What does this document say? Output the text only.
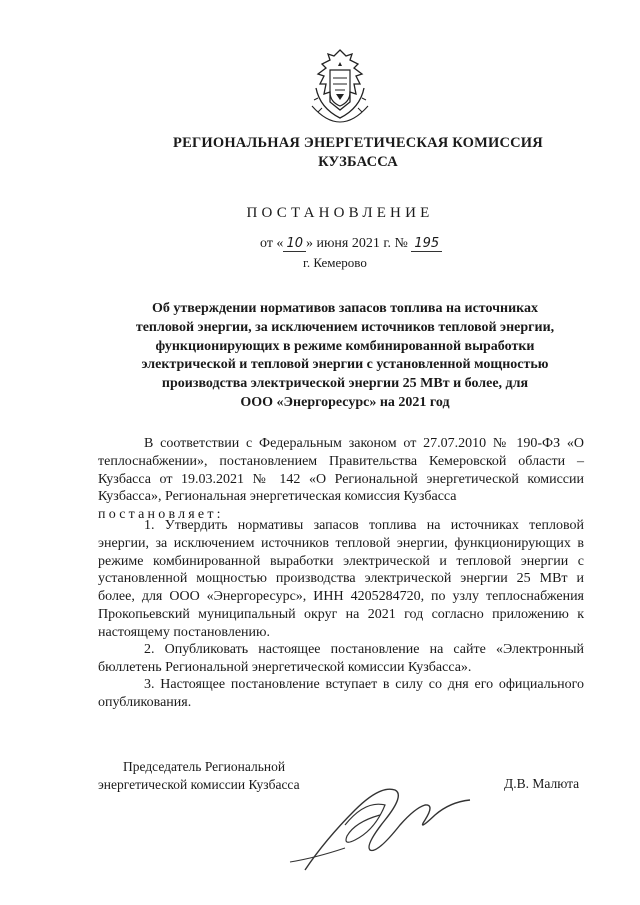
РЕГИОНАЛЬНАЯ ЭНЕРГЕТИЧЕСКАЯ КОМИССИЯ
КУЗБАССА
ПОСТАНОВЛЕНИЕ
от « 10 » июня 2021 г. № 195
г. Кемерово
Об утверждении нормативов запасов топлива на источниках
тепловой энергии, за исключением источников тепловой энергии,
функционирующих в режиме комбинированной выработки
электрической и тепловой энергии с установленной мощностью
производства электрической энергии 25 МВт и более, для
ООО «Энергоресурс» на 2021 год

В соответствии с Федеральным законом от 27.07.2010 № 190-ФЗ «О теплоснабжении», постановлением Правительства Кемеровской области – Кузбасса от 19.03.2021 № 142 «О Региональной энергетической комиссии Кузбасса», Региональная энергетическая комиссия Кузбасса

постановляет:

1. Утвердить нормативы запасов топлива на источниках тепловой энергии, за исключением источников тепловой энергии, функционирующих в режиме комбинированной выработки электрической и тепловой энергии с установленной мощностью производства электрической энергии 25 МВт и более, для ООО «Энергоресурс», ИНН 4205284720, по узлу теплоснабжения Прокопьевский муниципальный округ на 2021 год согласно приложению к настоящему постановлению.

2. Опубликовать настоящее постановление на сайте «Электронный бюллетень Региональной энергетической комиссии Кузбасса».

3. Настоящее постановление вступает в силу со дня его официального опубликования.

Председатель Региональной
энергетической комиссии Кузбасса	Д.В. Малюта
